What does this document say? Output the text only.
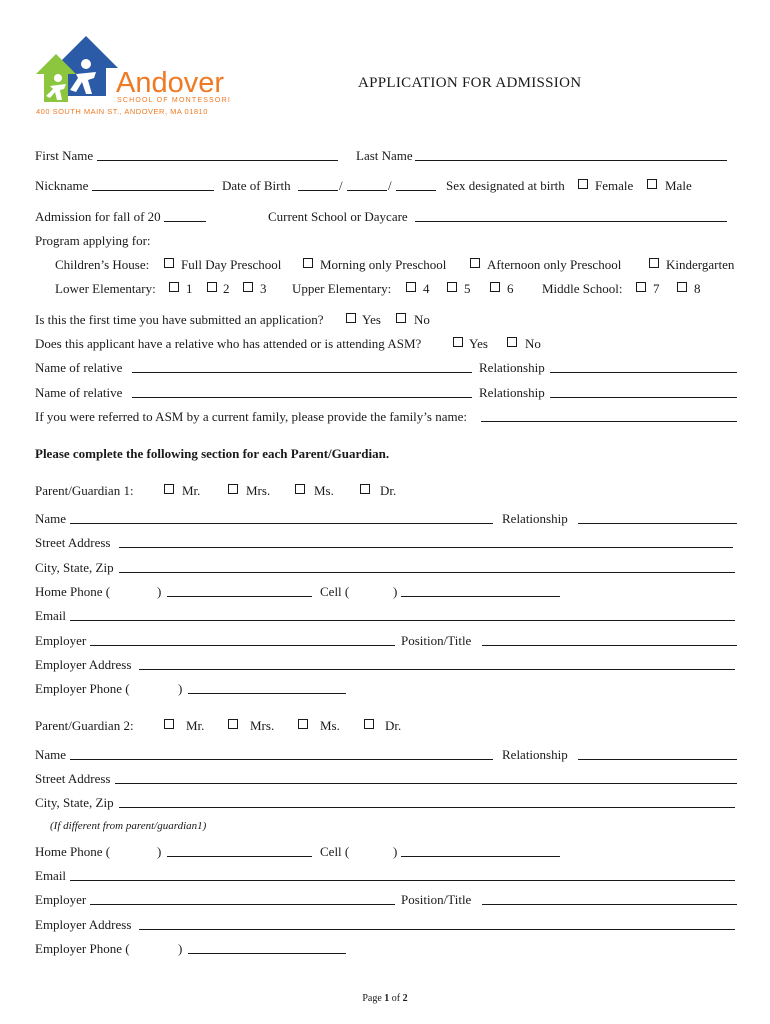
Andover
SCHOOL OF MONTESSORI
400 SOUTH MAIN ST., ANDOVER, MA 01810
APPLICATION FOR ADMISSION
First Name	Last Name
Nickname	Date of Birth	/	/	Sex designated at birth Female Male
Admission for fall of 20	Current School or Daycare
Program applying for:
Children’s House: Full Day Preschool	Morning only Preschool	Afternoon only Preschool	Kindergarten
Lower Elementary: 1 2 3 Upper Elementary: 4	5	6 Middle School: 7	8
Is this the first time you have submitted an application?	Yes	No
Does this applicant have a relative who has attended or is attending ASM?	Yes	No
Name of relative	Relationship
Name of relative	Relationship
If you were referred to ASM by a current family, please provide the family’s name:
Please complete the following section for each Parent/Guardian.
Parent/Guardian 1:	Mr.	Mrs.	Ms.	Dr.
Name	Relationship
Street Address
City, State, Zip
Home Phone (	)	Cell (	)
Email
Employer	Position/Title
Employer Address
Employer Phone (	)
Parent/Guardian 2:	Mr.	Mrs.	Ms.	Dr.
Name	Relationship
Street Address
City, State, Zip
(If different from parent/guardian1)
Home Phone (	)	Cell (	)
Email
Employer	Position/Title
Employer Address
Employer Phone (	)
Page 1 of 2
